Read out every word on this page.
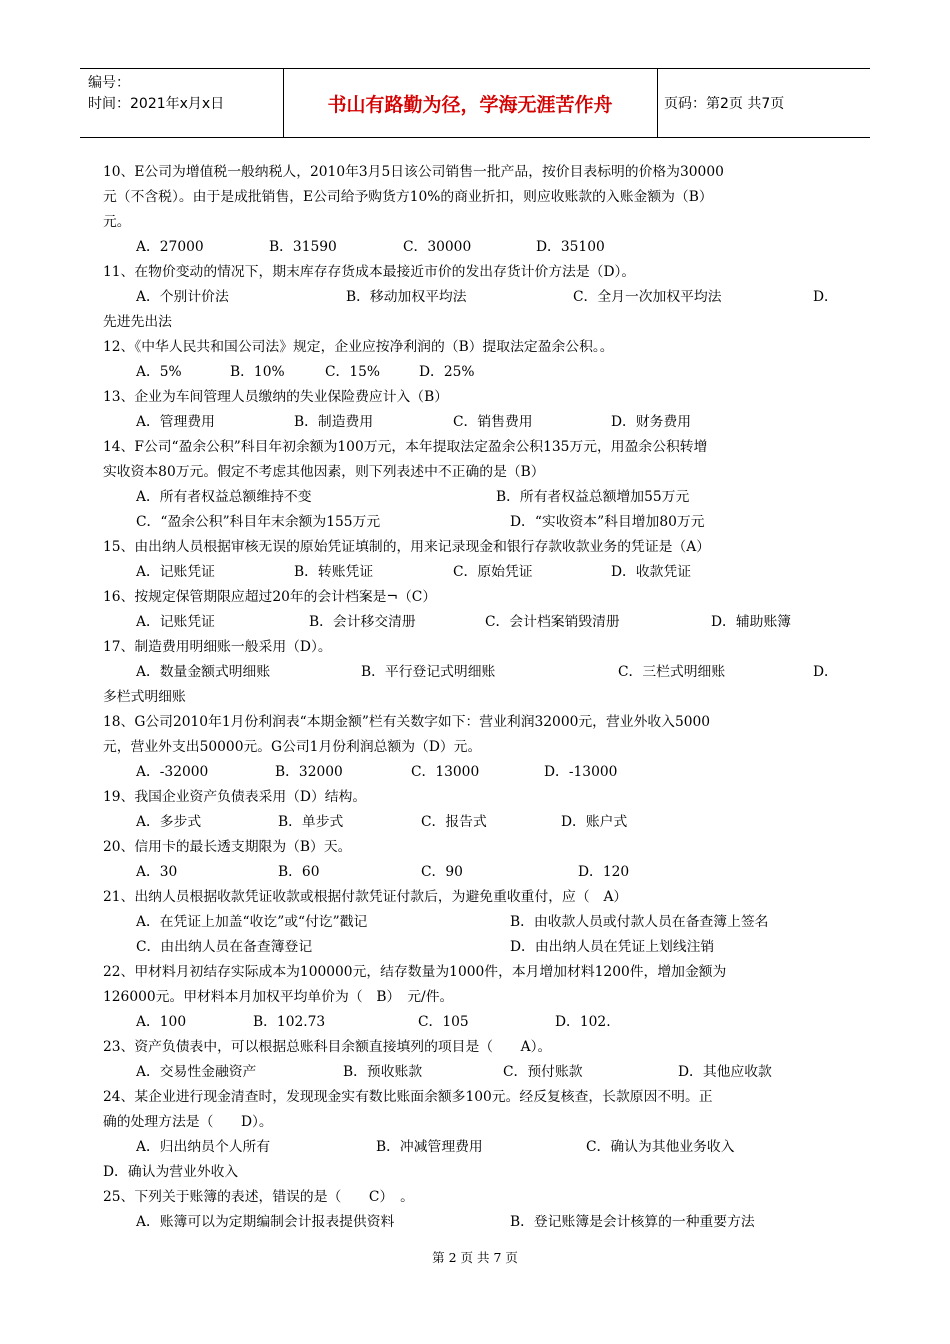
编号：
时间：2021年x月x日	书山有路勤为径，学海无涯苦作舟	页码：第2页 共7页
10、E公司为增值税一般纳税人，2010年3月5日该公司销售一批产品，按价目表标明的价格为30000
元（不含税）。由于是成批销售，E公司给予购货方10%的商业折扣，则应收账款的入账金额为（B）
元。
A．27000	B．31590	C．30000	D．35100
11、在物价变动的情况下，期末库存存货成本最接近市价的发出存货计价方法是（D）。
A．个别计价法	B．移动加权平均法	C．全月一次加权平均法	D．
先进先出法
12、《中华人民共和国公司法》规定，企业应按净利润的（B）提取法定盈余公积。。
A．5%	B．10%	C．15%	D．25%
13、企业为车间管理人员缴纳的失业保险费应计入（B）
A．管理费用	B．制造费用	C．销售费用	D．财务费用
14、F公司“盈余公积”科目年初余额为100万元，本年提取法定盈余公积135万元，用盈余公积转增
实收资本80万元。假定不考虑其他因素，则下列表述中不正确的是（B）
A．所有者权益总额维持不变	B．所有者权益总额增加55万元
C．“盈余公积”科目年末余额为155万元	D．“实收资本”科目增加80万元
15、由出纳人员根据审核无误的原始凭证填制的，用来记录现金和银行存款收款业务的凭证是（A）
A．记账凭证	B．转账凭证	C．原始凭证	D．收款凭证
16、按规定保管期限应超过20年的会计档案是¬（C）
A．记账凭证	B．会计移交清册	C．会计档案销毁清册	D．辅助账簿
17、制造费用明细账一般采用（D）。
A．数量金额式明细账	B．平行登记式明细账	C．三栏式明细账	D．
多栏式明细账
18、G公司2010年1月份利润表“本期金额”栏有关数字如下：营业利润32000元，营业外收入5000
元，营业外支出50000元。G公司1月份利润总额为（D）元。
A．-32000	B．32000	C．13000	D．-13000
19、我国企业资产负债表采用（D）结构。
A．多步式	B．单步式	C．报告式	D．账户式
20、信用卡的最长透支期限为（B）天。
A．30	B．60	C．90	D．120
21、出纳人员根据收款凭证收款或根据付款凭证付款后，为避免重收重付，应（　A）
A．在凭证上加盖“收讫”或“付讫”戳记	B．由收款人员或付款人员在备查簿上签名
C．由出纳人员在备查簿登记	D．由出纳人员在凭证上划线注销
22、甲材料月初结存实际成本为100000元，结存数量为1000件，本月增加材料1200件，增加金额为
126000元。甲材料本月加权平均单价为（　B）　元/件。
A．100	B．102.73	C．105	D．102.
23、资产负债表中，可以根据总账科目余额直接填列的项目是（　　A）。
A．交易性金融资产	B．预收账款	C．预付账款	D．其他应收款
24、某企业进行现金清查时，发现现金实有数比账面余额多100元。经反复核查，长款原因不明。正
确的处理方法是（　　D）。
A．归出纳员个人所有	B．冲减管理费用	C．确认为其他业务收入
D．确认为营业外收入
25、下列关于账簿的表述，错误的是（　　C）　。
A．账簿可以为定期编制会计报表提供资料	B．登记账簿是会计核算的一种重要方法
第 2 页 共 7 页
